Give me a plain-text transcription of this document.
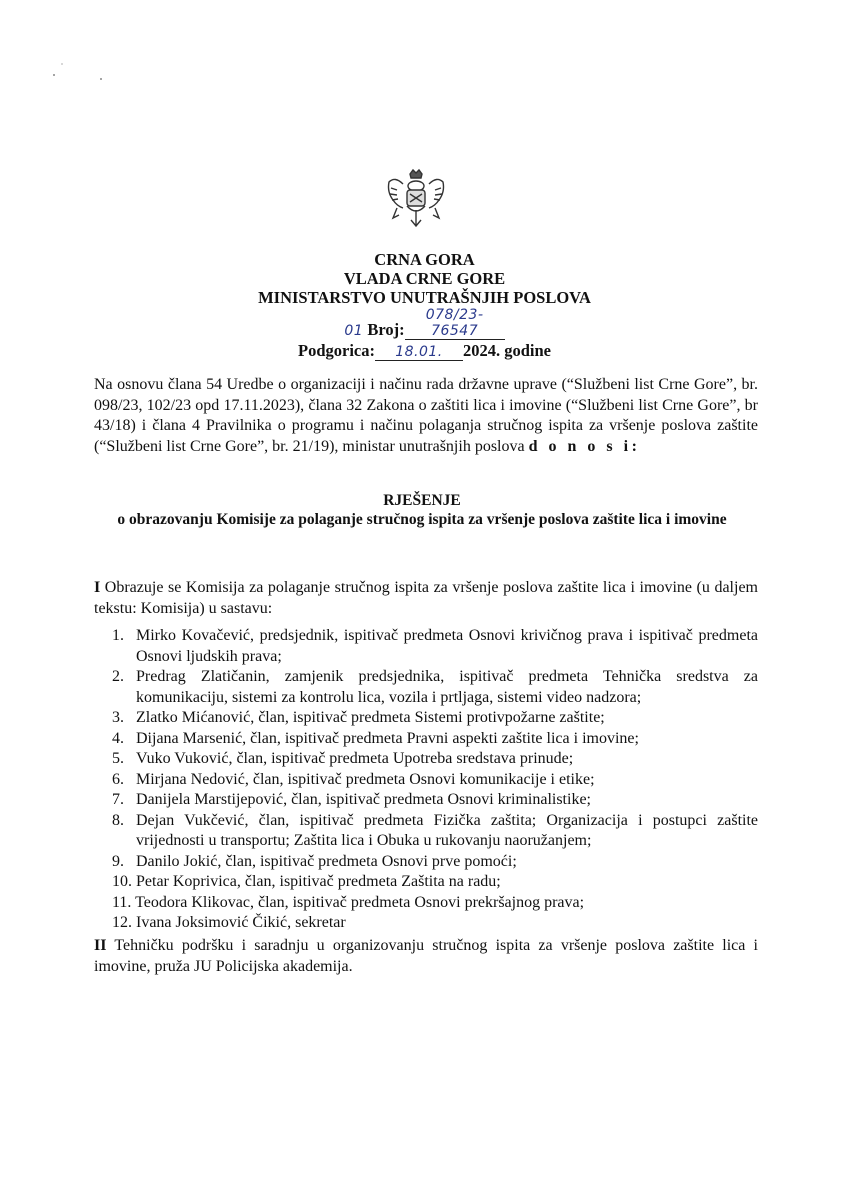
CRNA GORA
VLADA CRNE GORE
MINISTARSTVO UNUTRAŠNJIH POSLOVA
01 Broj:078/23-76547
Podgorica: 18.01. 2024. godine
Na osnovu člana 54 Uredbe o organizaciji i načinu rada državne uprave (“Službeni list Crne Gore”, br. 098/23, 102/23 opd 17.11.2023), člana 32 Zakona o zaštiti lica i imovine (“Službeni list Crne Gore”, br 43/18) i člana 4 Pravilnika o programu i načinu polaganja stručnog ispita za vršenje poslova zaštite (“Službeni list Crne Gore”, br. 21/19), ministar unutrašnjih poslova d o n o s i:
RJEŠENJE
o obrazovanju Komisije za polaganje stručnog ispita za vršenje poslova zaštite lica i imovine
I Obrazuje se Komisija za polaganje stručnog ispita za vršenje poslova zaštite lica i imovine (u daljem tekstu: Komisija) u sastavu:
1. Mirko Kovačević, predsjednik, ispitivač predmeta Osnovi krivičnog prava i ispitivač predmeta Osnovi ljudskih prava;
2. Predrag Zlatičanin, zamjenik predsjednika, ispitivač predmeta Tehnička sredstva za komunikaciju, sistemi za kontrolu lica, vozila i prtljaga, sistemi video nadzora;
3. Zlatko Mićanović, član, ispitivač predmeta Sistemi protivpožarne zaštite;
4. Dijana Marsenić, član, ispitivač predmeta Pravni aspekti zaštite lica i imovine;
5. Vuko Vuković, član, ispitivač predmeta Upotreba sredstava prinude;
6. Mirjana Nedović, član, ispitivač predmeta Osnovi komunikacije i etike;
7. Danijela Marstijepović, član, ispitivač predmeta Osnovi kriminalistike;
8. Dejan Vukčević, član, ispitivač predmeta Fizička zaštita; Organizacija i postupci zaštite vrijednosti u transportu; Zaštita lica i Obuka u rukovanju naoružanjem;
9. Danilo Jokić, član, ispitivač predmeta Osnovi prve pomoći;
10. Petar Koprivica, član, ispitivač predmeta Zaštita na radu;
11. Teodora Klikovac, član, ispitivač predmeta Osnovi prekršajnog prava;
12. Ivana Joksimović Čikić, sekretar
II Tehničku podršku i saradnju u organizovanju stručnog ispita za vršenje poslova zaštite lica i imovine, pruža JU Policijska akademija.
